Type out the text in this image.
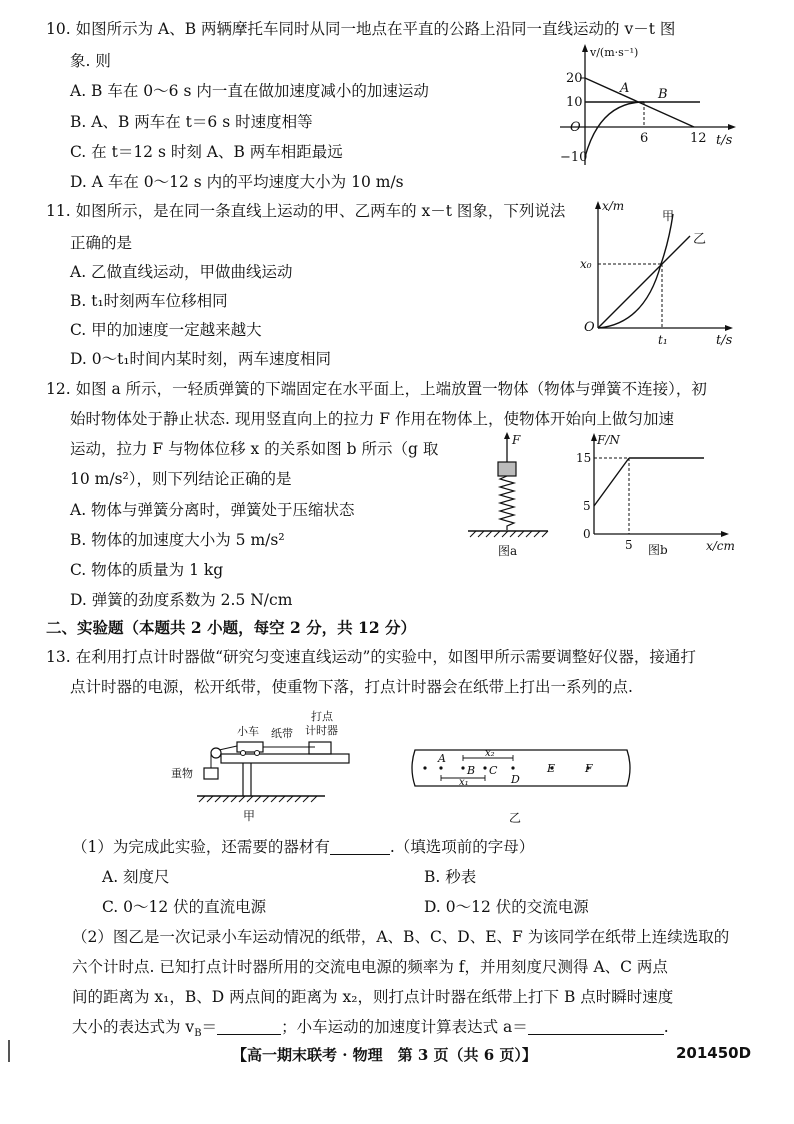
10. 如图所示为 A、B 两辆摩托车同时从同一地点在平直的公路上沿同一直线运动的 v－t 图
象. 则
A. B 车在 0～6 s 内一直在做加速度减小的加速运动
B. A、B 两车在 t＝6 s 时速度相等
C. 在 t＝12 s 时刻 A、B 两车相距最远
D. A 车在 0～12 s 内的平均速度大小为 10 m/s
v/(m·s⁻¹)
20
10
O
−10
6	12 t/s
A B
11. 如图所示，是在同一条直线上运动的甲、乙两车的 x－t 图象，下列说法
正确的是
A. 乙做直线运动，甲做曲线运动
B. t₁时刻两车位移相同
C. 甲的加速度一定越来越大
D. 0～t₁时间内某时刻，两车速度相同
x/m
甲
乙
x₀
O
t₁	t/s
12. 如图 a 所示，一轻质弹簧的下端固定在水平面上，上端放置一物体（物体与弹簧不连接），初
始时物体处于静止状态. 现用竖直向上的拉力 F 作用在物体上，使物体开始向上做匀加速
运动，拉力 F 与物体位移 x 的关系如图 b 所示（g 取
10 m/s²），则下列结论正确的是
A. 物体与弹簧分离时，弹簧处于压缩状态
B. 物体的加速度大小为 5 m/s²
C. 物体的质量为 1 kg
D. 弹簧的劲度系数为 2.5 N/cm
F
图a
F/N
15
5
0
5 图b	x/cm
二、实验题（本题共 2 小题，每空 2 分，共 12 分）
13. 在利用打点计时器做“研究匀变速直线运动”的实验中，如图甲所示需要调整好仪器，接通打
点计时器的电源，松开纸带，使重物下落，打点计时器会在纸带上打出一系列的点.
小车 纸带
打点
计时器
重物
甲
A
B C
D
E	F
x₂
x₁
乙
（1）为完成此实验，还需要的器材有	.（填选项前的字母）
A. 刻度尺	B. 秒表
C. 0～12 伏的直流电源	D. 0～12 伏的交流电源
（2）图乙是一次记录小车运动情况的纸带，A、B、C、D、E、F 为该同学在纸带上连续选取的
六个计时点. 已知打点计时器所用的交流电电源的频率为 f，并用刻度尺测得 A、C 两点
间的距离为 x₁，B、D 两点间的距离为 x₂，则打点计时器在纸带上打下 B 点时瞬时速度
大小的表达式为 $v_B=$	；小车运动的加速度计算表达式 a＝	.
【高一期末联考 · 物理　第 3 页（共 6 页）】	201450D
